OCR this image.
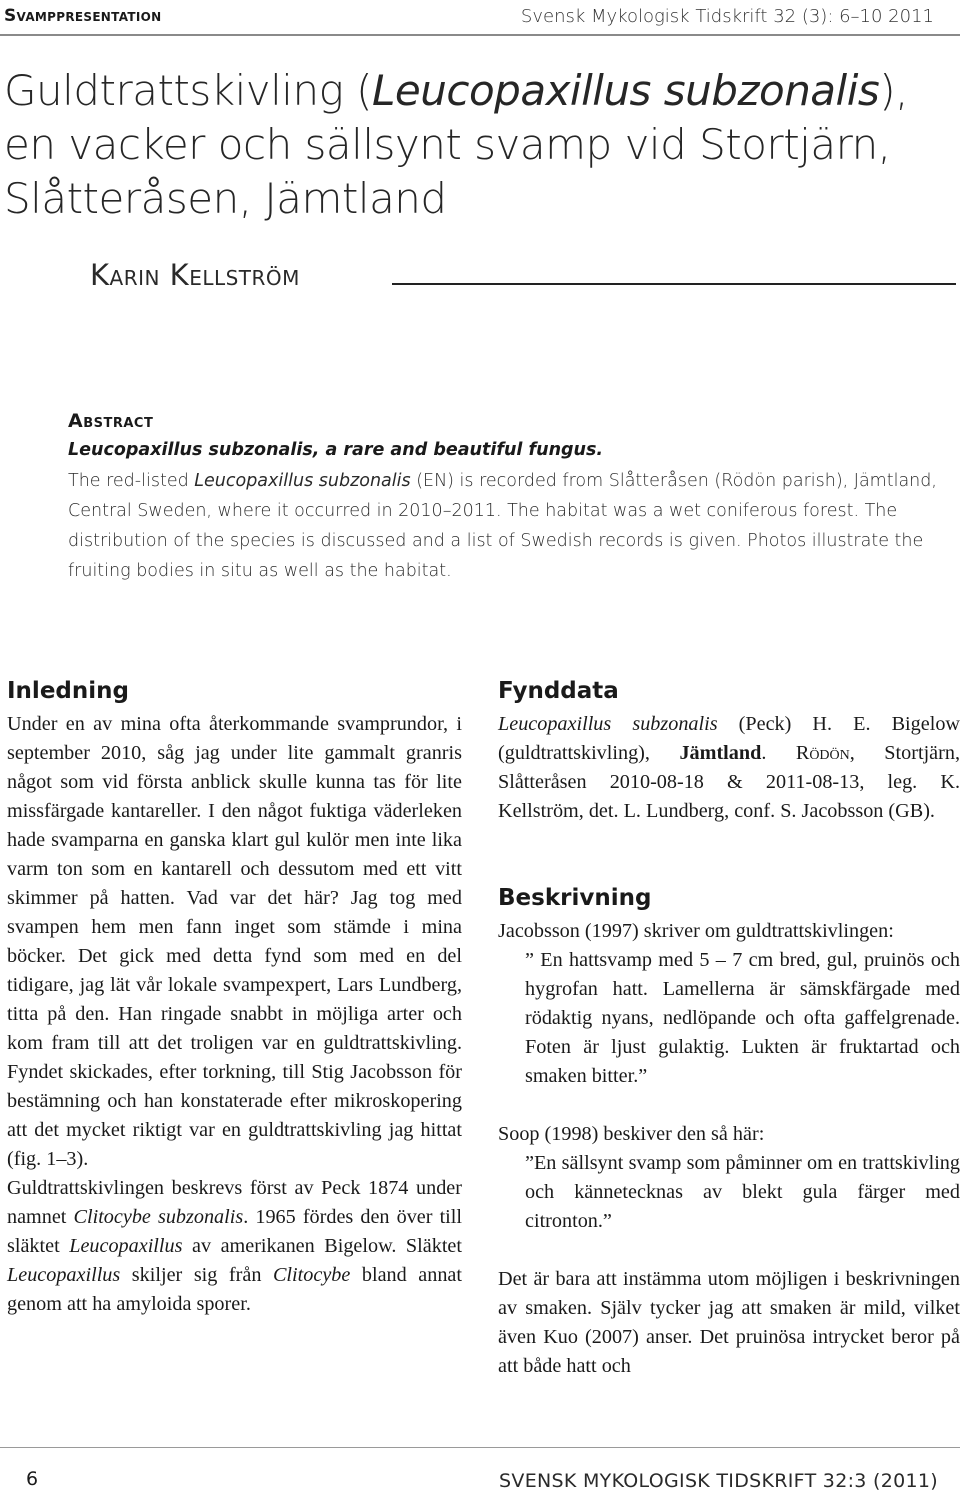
Svamppresentation	Svensk Mykologisk Tidskrift 32 (3): 6–10 2011
Guldtrattskivling (Leucopaxillus subzonalis),
en vacker och sällsynt svamp vid Stortjärn,
Slåtteråsen, Jämtland
Karin Kellström
Abstract
Leucopaxillus subzonalis, a rare and beautiful fungus.
The red-listed Leucopaxillus subzonalis (EN) is recorded from Slåtteråsen (Rödön parish), Jämtland, Central Sweden, where it occurred in 2010–2011. The habitat was a wet coniferous forest. The distribution of the species is discussed and a list of Swedish records is given. Photos illustrate the fruiting bodies in situ as well as the habitat.
Inledning
Under en av mina ofta återkommande svamprundor, i september 2010, såg jag under lite gammalt granris något som vid första anblick skulle kunna tas för lite missfärgade kantareller. I den något fuktiga väderleken hade svamparna en ganska klart gul kulör men inte lika varm ton som en kantarell och dessutom med ett vitt skimmer på hatten. Vad var det här? Jag tog med svampen hem men fann inget som stämde i mina böcker. Det gick med detta fynd som med en del tidigare, jag lät vår lokale svampexpert, Lars Lundberg, titta på den. Han ringade snabbt in möjliga arter och kom fram till att det troligen var en guldtrattskivling. Fyndet skickades, efter torkning, till Stig Jacobsson för bestämning och han konstaterade efter mikroskopering att det mycket riktigt var en guldtrattskivling jag hittat (fig. 1–3).
Guldtrattskivlingen beskrevs först av Peck 1874 under namnet Clitocybe subzonalis. 1965 fördes den över till släktet Leucopaxillus av amerikanen Bigelow. Släktet Leucopaxillus skiljer sig från Clitocybe bland annat genom att ha amyloida sporer.
Fynddata
Leucopaxillus subzonalis (Peck) H. E. Bigelow (guldtrattskivling), Jämtland. Rödön, Stortjärn, Slåtteråsen 2010-08-18 & 2011-08-13, leg. K. Kellström, det. L. Lundberg, conf. S. Jacobsson (GB).
Beskrivning
Jacobsson (1997) skriver om guldtrattskivlingen:
” En hattsvamp med 5 – 7 cm bred, gul, pruinös och hygrofan hatt. Lamellerna är sämskfärgade med rödaktig nyans, nedlöpande och ofta gaffelgrenade. Foten är ljust gulaktig. Lukten är fruktartad och smaken bitter.”
Soop (1998) beskiver den så här:
”En sällsynt svamp som påminner om en trattskivling och kännetecknas av blekt gula färger med citronton.”
Det är bara att instämma utom möjligen i beskrivningen av smaken. Själv tycker jag att smaken är mild, vilket även Kuo (2007) anser. Det pruinösa intrycket beror på att både hatt och
6	SVENSK MYKOLOGISK TIDSKRIFT 32:3 (2011)
